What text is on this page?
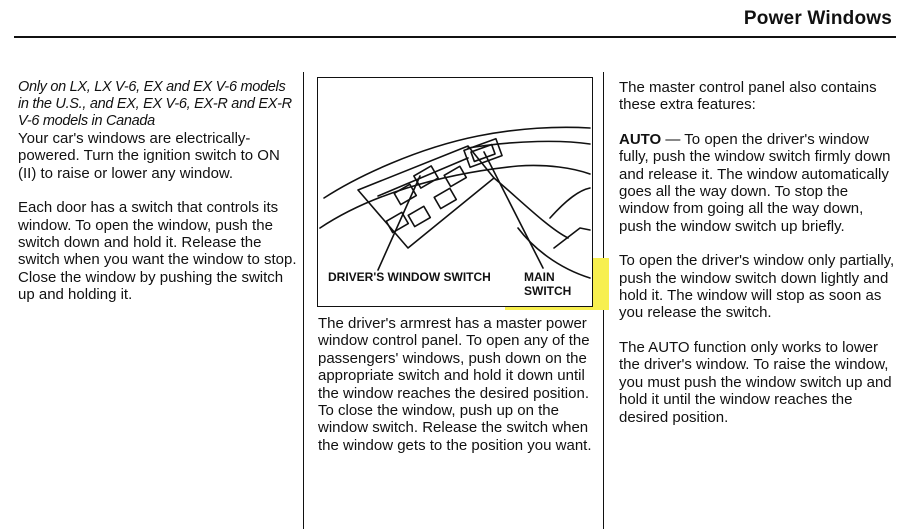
Power Windows

Only on LX, LX V-6, EX and EX V-6 models in the U.S., and EX, EX V-6, EX-R and EX-R V-6 models in Canada

Your car's windows are electrically-powered. Turn the ignition switch to ON (II) to raise or lower any window.

Each door has a switch that controls its window. To open the window, push the switch down and hold it. Release the switch when you want the window to stop. Close the window by pushing the switch up and holding it.

DRIVER'S WINDOW SWITCH	MAIN SWITCH

The driver's armrest has a master power window control panel. To open any of the passengers' windows, push down on the appropriate switch and hold it down until the window reaches the desired position. To close the window, push up on the window switch. Release the switch when the window gets to the position you want.

The master control panel also contains these extra features:

AUTO — To open the driver's window fully, push the window switch firmly down and release it. The window automatically goes all the way down. To stop the window from going all the way down, push the window switch up briefly.

To open the driver's window only partially, push the window switch down lightly and hold it. The window will stop as soon as you release the switch.

The AUTO function only works to lower the driver's window. To raise the window, you must push the window switch up and hold it until the window reaches the desired position.
